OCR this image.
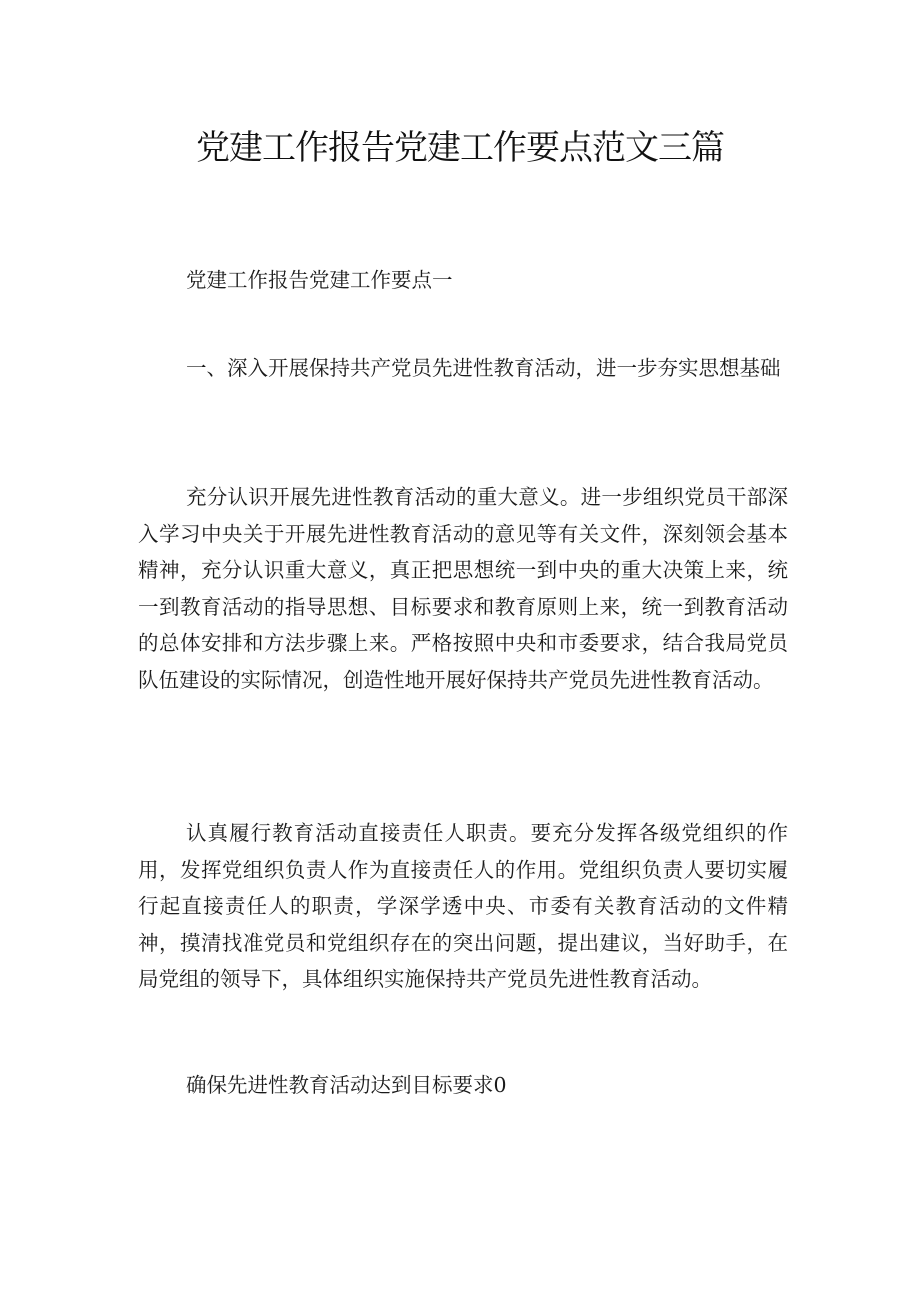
党建工作报告党建工作要点范文三篇

党建工作报告党建工作要点一

一、深入开展保持共产党员先进性教育活动，进一步夯实思想基础

充分认识开展先进性教育活动的重大意义。进一步组织党员干部深入学习中央关于开展先进性教育活动的意见等有关文件，深刻领会基本精神，充分认识重大意义，真正把思想统一到中央的重大决策上来，统一到教育活动的指导思想、目标要求和教育原则上来，统一到教育活动的总体安排和方法步骤上来。严格按照中央和市委要求，结合我局党员队伍建设的实际情况，创造性地开展好保持共产党员先进性教育活动。

认真履行教育活动直接责任人职责。要充分发挥各级党组织的作用，发挥党组织负责人作为直接责任人的作用。党组织负责人要切实履行起直接责任人的职责，学深学透中央、市委有关教育活动的文件精神，摸清找准党员和党组织存在的突出问题，提出建议，当好助手，在局党组的领导下，具体组织实施保持共产党员先进性教育活动。

确保先进性教育活动达到目标要求0
